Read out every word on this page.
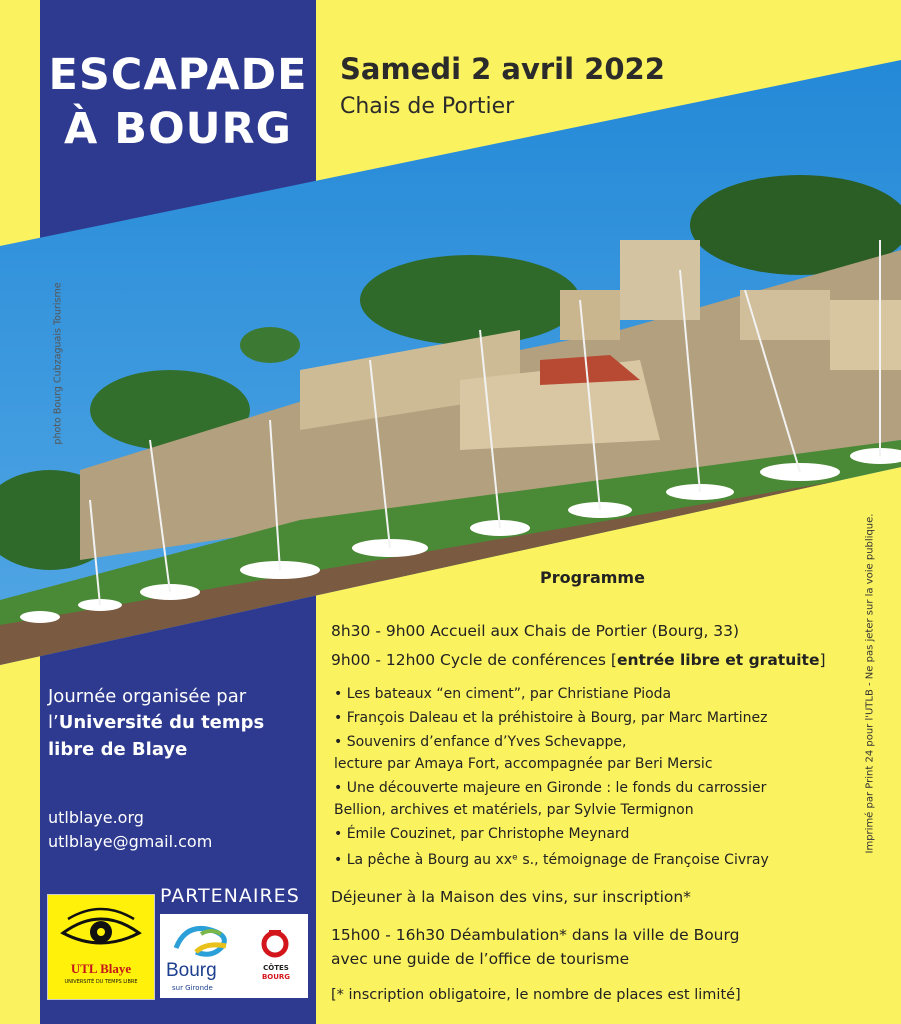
ESCAPADE
À BOURG
Samedi 2 avril 2022
Chais de Portier
photo Bourg Cubzaguais Tourisme
Imprimé par Print 24 pour l'UTLB - Ne pas jeter sur la voie publique.
Programme
8h30 - 9h00 Accueil aux Chais de Portier (Bourg, 33)
9h00 - 12h00 Cycle de conférences [entrée libre et gratuite]
• Les bateaux “en ciment”, par Christiane Pioda
• François Daleau et la préhistoire à Bourg, par Marc Martinez
• Souvenirs d’enfance d’Yves Schevappe,
lecture par Amaya Fort, accompagnée par Beri Mersic
• Une découverte majeure en Gironde : le fonds du carrossier
Bellion, archives et matériels, par Sylvie Termignon
• Émile Couzinet, par Christophe Meynard
• La pêche à Bourg au xxᵉ s., témoignage de Françoise Civray
Déjeuner à la Maison des vins, sur inscription*
15h00 - 16h30 Déambulation* dans la ville de Bourg
avec une guide de l’office de tourisme
[* inscription obligatoire, le nombre de places est limité]
Journée organisée par
l’Université du temps
libre de Blaye
utlblaye.org
utlblaye@gmail.com
PARTENAIRES
UTL Blaye
UNIVERSITÉ DU TEMPS LIBRE
Bourg
sur Gironde
CÔTES
BOURG
